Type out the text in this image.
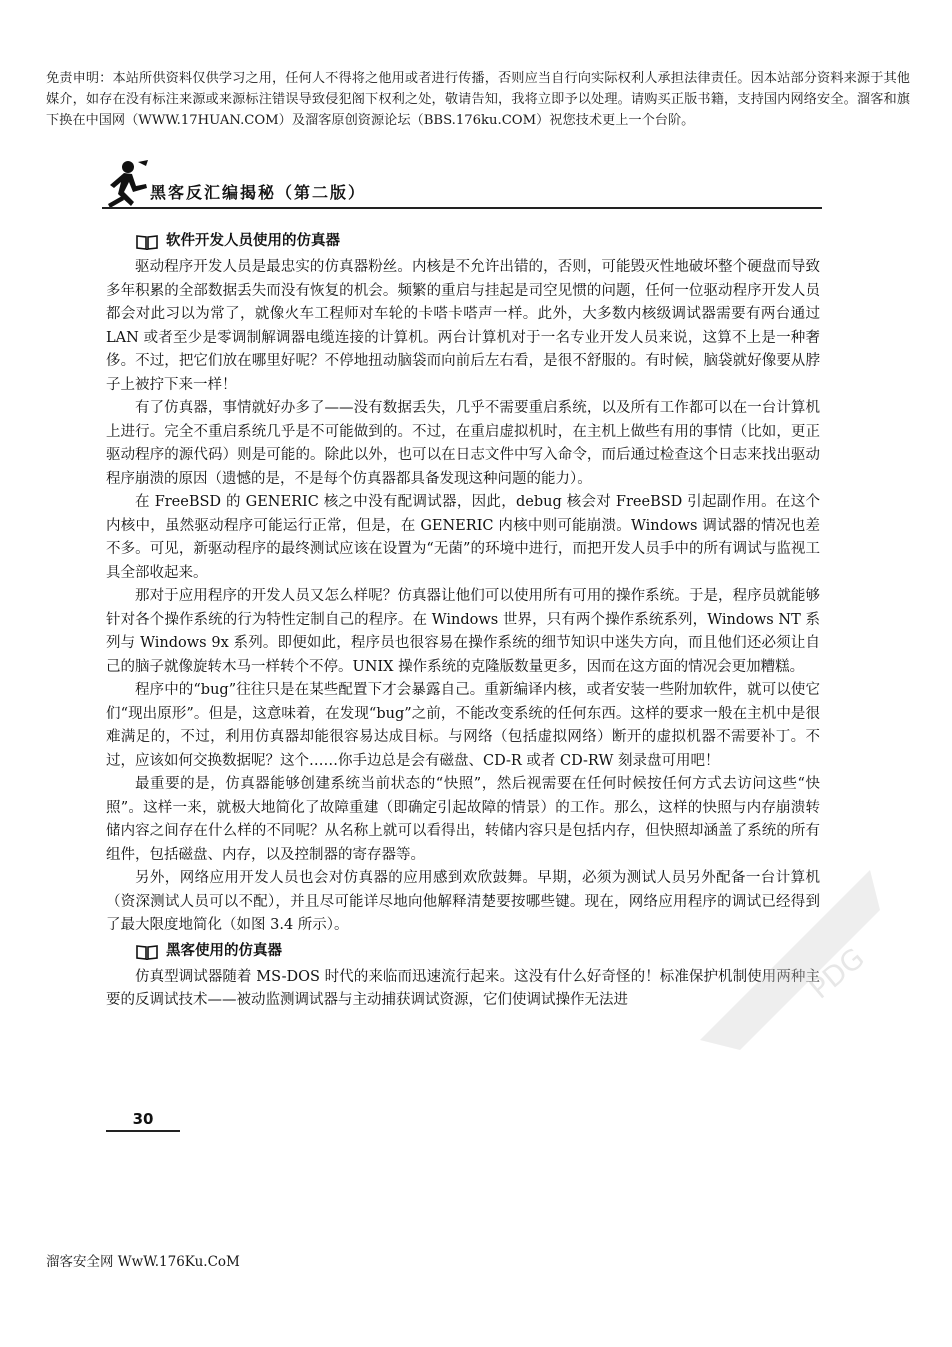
免责申明：本站所供资料仅供学习之用，任何人不得将之他用或者进行传播，否则应当自行向实际权利人承担法律责任。因本站部分资料来源于其他媒介，如存在没有标注来源或来源标注错误导致侵犯阁下权利之处，敬请告知，我将立即予以处理。请购买正版书籍，支持国内网络安全。溜客和旗下换在中国网（WWW.17HUAN.COM）及溜客原创资源论坛（BBS.176ku.COM）祝您技术更上一个台阶。
黑客反汇编揭秘（第二版）
软件开发人员使用的仿真器

驱动程序开发人员是最忠实的仿真器粉丝。内核是不允许出错的，否则，可能毁灭性地破坏整个硬盘而导致多年积累的全部数据丢失而没有恢复的机会。频繁的重启与挂起是司空见惯的问题，任何一位驱动程序开发人员都会对此习以为常了，就像火车工程师对车轮的卡嗒卡嗒声一样。此外，大多数内核级调试器需要有两台通过 LAN 或者至少是零调制解调器电缆连接的计算机。两台计算机对于一名专业开发人员来说，这算不上是一种奢侈。不过，把它们放在哪里好呢？不停地扭动脑袋而向前后左右看，是很不舒服的。有时候，脑袋就好像要从脖子上被拧下来一样！

有了仿真器，事情就好办多了——没有数据丢失，几乎不需要重启系统，以及所有工作都可以在一台计算机上进行。完全不重启系统几乎是不可能做到的。不过，在重启虚拟机时，在主机上做些有用的事情（比如，更正驱动程序的源代码）则是可能的。除此以外，也可以在日志文件中写入命令，而后通过检查这个日志来找出驱动程序崩溃的原因（遗憾的是，不是每个仿真器都具备发现这种问题的能力）。

在 FreeBSD 的 GENERIC 核之中没有配调试器，因此，debug 核会对 FreeBSD 引起副作用。在这个内核中，虽然驱动程序可能运行正常，但是，在 GENERIC 内核中则可能崩溃。Windows 调试器的情况也差不多。可见，新驱动程序的最终测试应该在设置为“无菌”的环境中进行，而把开发人员手中的所有调试与监视工具全部收起来。

那对于应用程序的开发人员又怎么样呢？仿真器让他们可以使用所有可用的操作系统。于是，程序员就能够针对各个操作系统的行为特性定制自己的程序。在 Windows 世界，只有两个操作系统系列，Windows NT 系列与 Windows 9x 系列。即便如此，程序员也很容易在操作系统的细节知识中迷失方向，而且他们还必须让自己的脑子就像旋转木马一样转个不停。UNIX 操作系统的克隆版数量更多，因而在这方面的情况会更加糟糕。

程序中的“bug”往往只是在某些配置下才会暴露自己。重新编译内核，或者安装一些附加软件，就可以使它们“现出原形”。但是，这意味着，在发现“bug”之前，不能改变系统的任何东西。这样的要求一般在主机中是很难满足的，不过，利用仿真器却能很容易达成目标。与网络（包括虚拟网络）断开的虚拟机器不需要补丁。不过，应该如何交换数据呢？这个……你手边总是会有磁盘、CD-R 或者 CD-RW 刻录盘可用吧！

最重要的是，仿真器能够创建系统当前状态的“快照”，然后视需要在任何时候按任何方式去访问这些“快照”。这样一来，就极大地简化了故障重建（即确定引起故障的情景）的工作。那么，这样的快照与内存崩溃转储内容之间存在什么样的不同呢？从名称上就可以看得出，转储内容只是包括内存，但快照却涵盖了系统的所有组件，包括磁盘、内存，以及控制器的寄存器等。

另外，网络应用开发人员也会对仿真器的应用感到欢欣鼓舞。早期，必须为测试人员另外配备一台计算机（资深测试人员可以不配），并且尽可能详尽地向他解释清楚要按哪些键。现在，网络应用程序的调试已经得到了最大限度地简化（如图 3.4 所示）。

黑客使用的仿真器

仿真型调试器随着 MS-DOS 时代的来临而迅速流行起来。这没有什么好奇怪的！标准保护机制使用两种主要的反调试技术——被动监测调试器与主动捕获调试资源，它们使调试操作无法进

30
PDG
溜客安全网 WwW.176Ku.CoM
